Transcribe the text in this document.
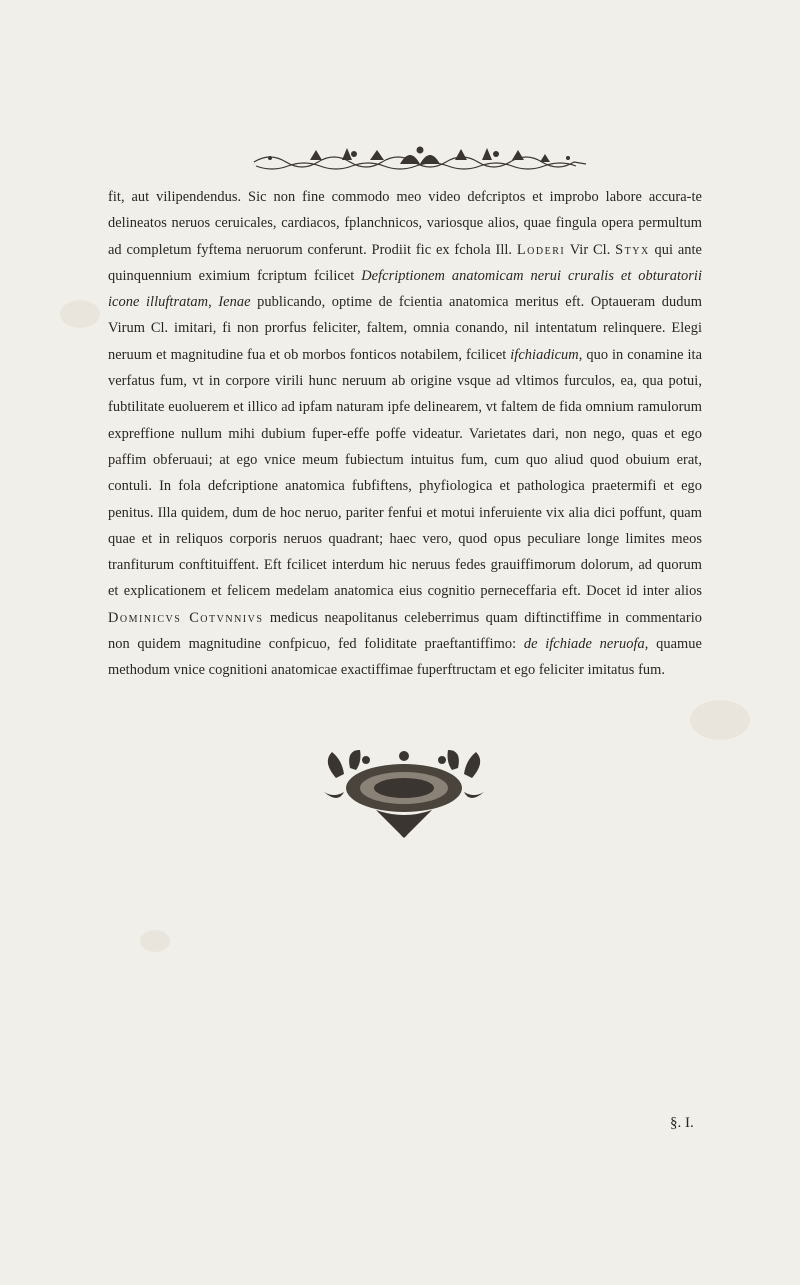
fit, aut vilipendendus. Sic non fine commodo meo video defcriptos et improbo labore accura-te delineatos neruos ceruicales, cardiacos, fplanchnicos, variosque alios, quae fingula opera permultum ad completum fyftema neruorum conferunt. Prodiit fic ex fchola Ill. Loderi Vir Cl. Styx qui ante quinquennium eximium fcriptum fcilicet Defcriptionem anatomicam nerui cruralis et obturatorii icone illuftratam, Ienae publicando, optime de fcientia anatomica meritus eft. Optaueram dudum Virum Cl. imitari, fi non prorfus feliciter, faltem, omnia conando, nil intentatum relinquere. Elegi neruum et magnitudine fua et ob morbos fonticos notabilem, fcilicet ifchiadicum, quo in conamine ita verfatus fum, vt in corpore virili hunc neruum ab origine vsque ad vltimos furculos, ea, qua potui, fubtilitate euoluerem et illico ad ipfam naturam ipfe delinearem, vt faltem de fida omnium ramulorum expreffione nullum mihi dubium fuper-effe poffe videatur. Varietates dari, non nego, quas et ego paffim obferuaui; at ego vnice meum fubiectum intuitus fum, cum quo aliud quod obuium erat, contuli. In fola defcriptione anatomica fubfiftens, phyfiologica et pathologica praetermifi et ego penitus. Illa quidem, dum de hoc neruo, pariter fenfui et motui inferuiente vix alia dici poffunt, quam quae et in reliquos corporis neruos quadrant; haec vero, quod opus peculiare longe limites meos tranfiturum conftituiffent. Eft fcilicet interdum hic neruus fedes grauiffimorum dolorum, ad quorum et explicationem et felicem medelam anatomica eius cognitio perneceffaria eft. Docet id inter alios Dominicvs Cotvnnivs medicus neapolitanus celeberrimus quam diftinctiffime in commentario non quidem magnitudine confpicuo, fed foliditate praeftantiffimo: de ifchiade neruofa, quamue methodum vnice cognitioni anatomicae exactiffimae fuperftructam et ego feliciter imitatus fum.

§. I.
